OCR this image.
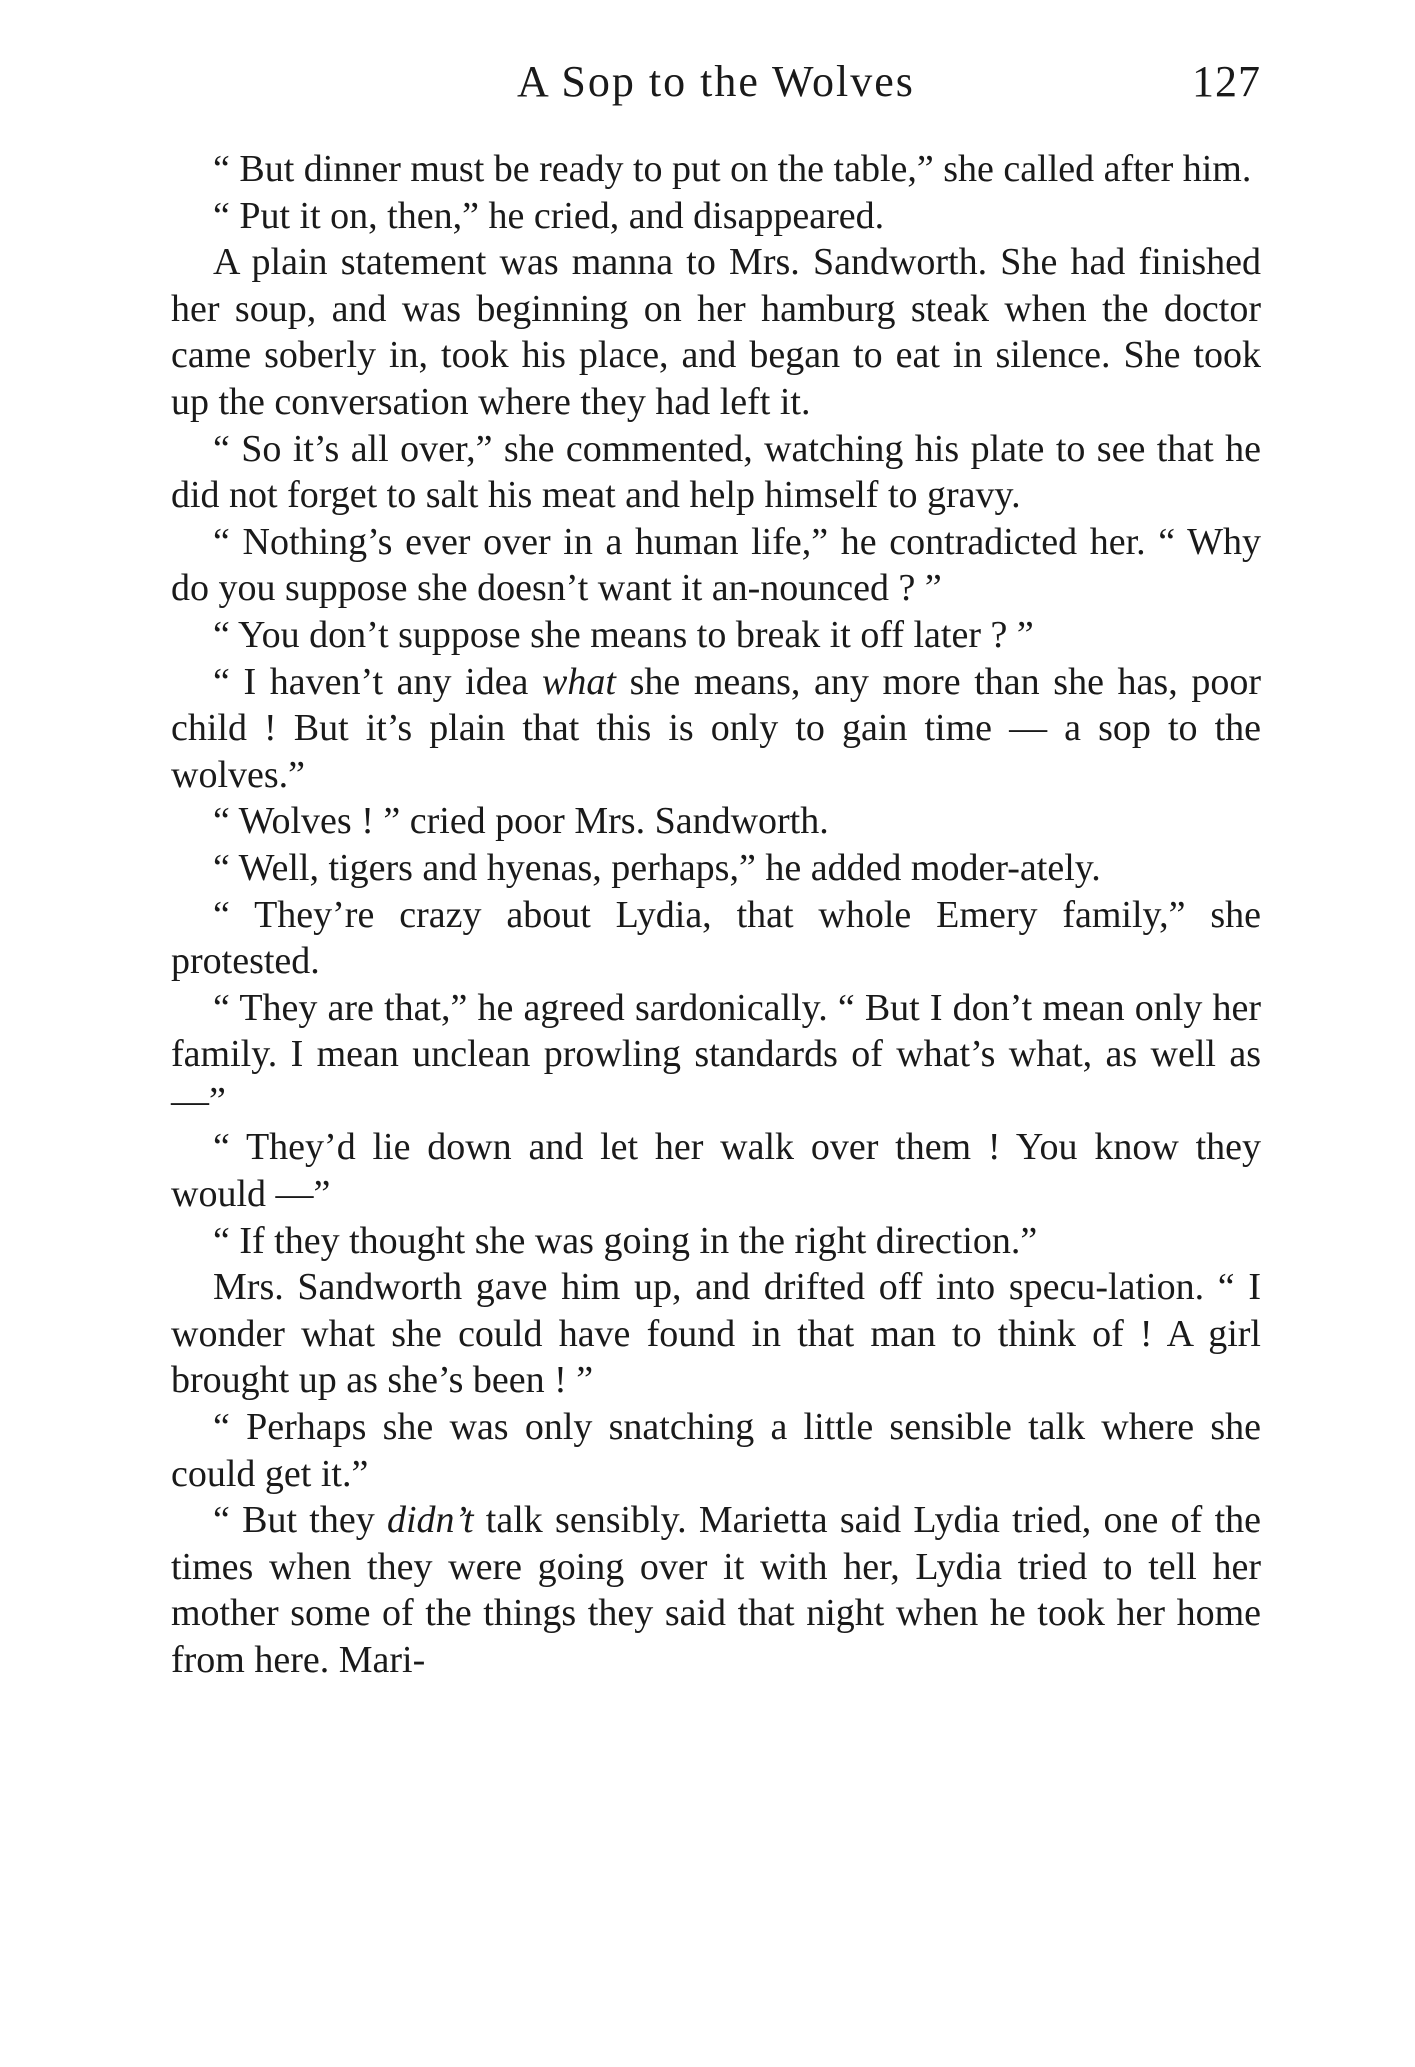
A Sop to the Wolves	127

“ But dinner must be ready to put on the table,” she called after him.

“ Put it on, then,” he cried, and disappeared.

A plain statement was manna to Mrs. Sandworth. She had finished her soup, and was beginning on her hamburg steak when the doctor came soberly in, took his place, and began to eat in silence. She took up the conversation where they had left it.

“ So it’s all over,” she commented, watching his plate to see that he did not forget to salt his meat and help himself to gravy.

“ Nothing’s ever over in a human life,” he contradicted her. “ Why do you suppose she doesn’t want it an-nounced ? ”

“ You don’t suppose she means to break it off later ? ”

“ I haven’t any idea what she means, any more than she has, poor child ! But it’s plain that this is only to gain time — a sop to the wolves.”

“ Wolves ! ” cried poor Mrs. Sandworth.

“ Well, tigers and hyenas, perhaps,” he added moder-ately.

“ They’re crazy about Lydia, that whole Emery family,” she protested.

“ They are that,” he agreed sardonically. “ But I don’t mean only her family. I mean unclean prowling standards of what’s what, as well as —”

“ They’d lie down and let her walk over them ! You know they would —”

“ If they thought she was going in the right direction.”

Mrs. Sandworth gave him up, and drifted off into specu-lation. “ I wonder what she could have found in that man to think of ! A girl brought up as she’s been ! ”

“ Perhaps she was only snatching a little sensible talk where she could get it.”

“ But they didn’t talk sensibly. Marietta said Lydia tried, one of the times when they were going over it with her, Lydia tried to tell her mother some of the things they said that night when he took her home from here. Mari-
